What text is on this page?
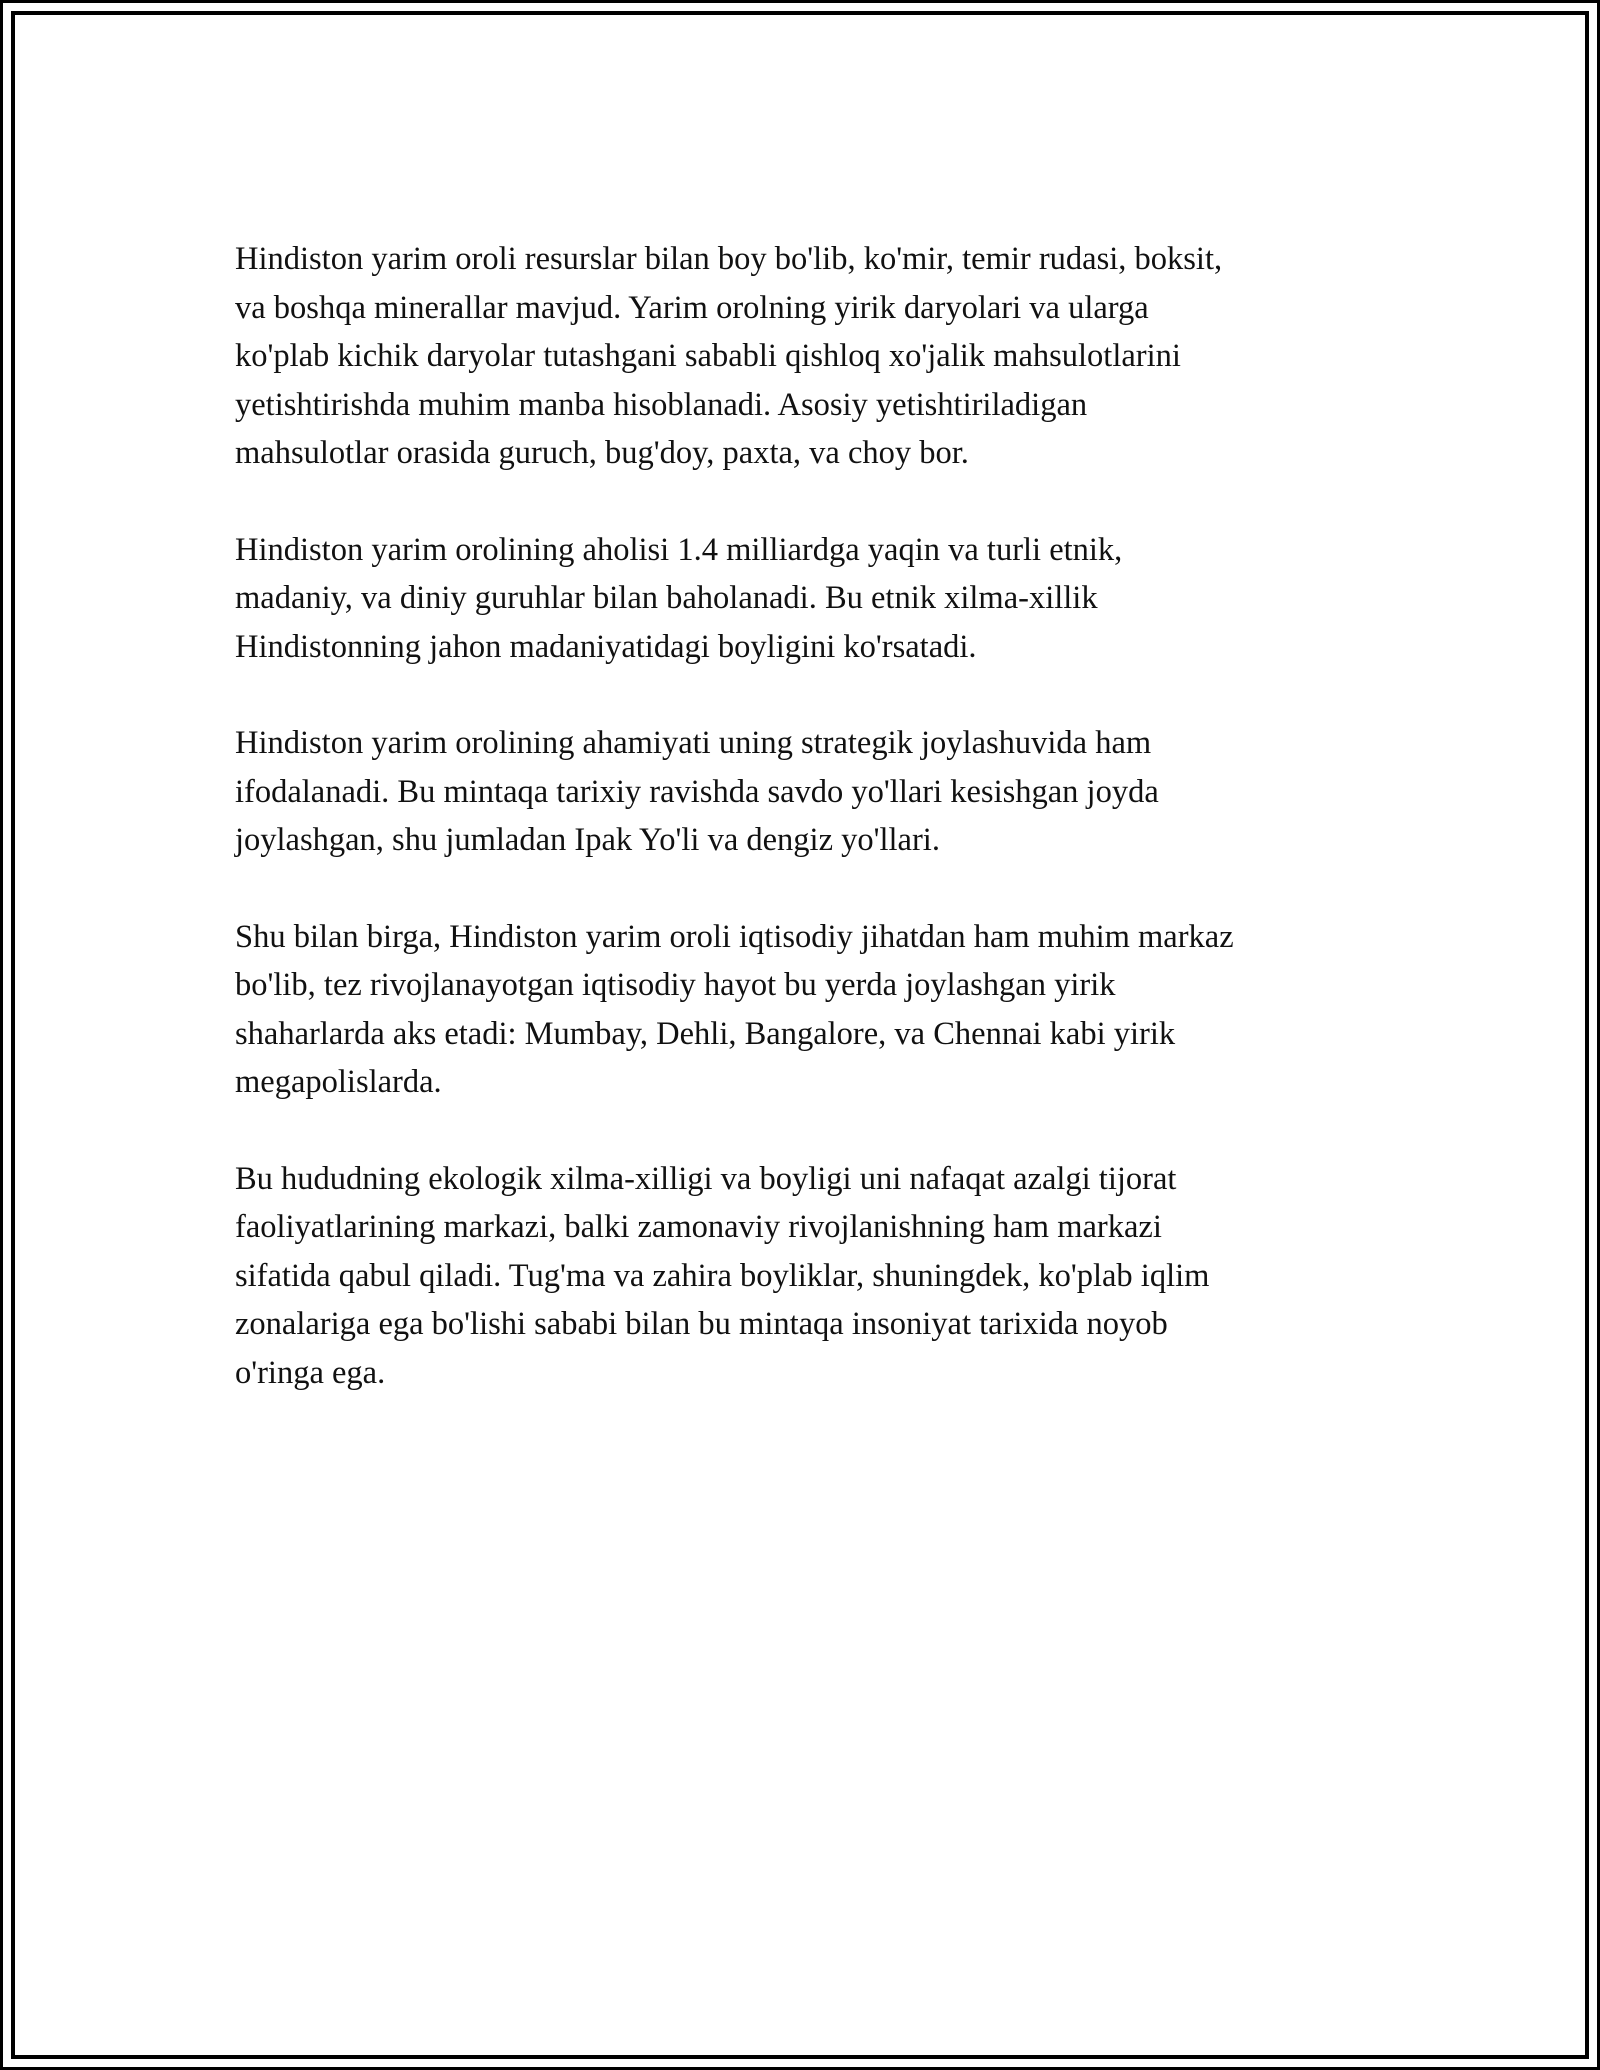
Hindiston yarim oroli resurslar bilan boy bo'lib, ko'mir, temir rudasi, boksit,
va boshqa minerallar mavjud. Yarim orolning yirik daryolari va ularga
ko'plab kichik daryolar tutashgani sababli qishloq xo'jalik mahsulotlarini
yetishtirishda muhim manba hisoblanadi. Asosiy yetishtiriladigan
mahsulotlar orasida guruch, bug'doy, paxta, va choy bor.

Hindiston yarim orolining aholisi 1.4 milliardga yaqin va turli etnik,
madaniy, va diniy guruhlar bilan baholanadi. Bu etnik xilma-xillik
Hindistonning jahon madaniyatidagi boyligini ko'rsatadi.

Hindiston yarim orolining ahamiyati uning strategik joylashuvida ham
ifodalanadi. Bu mintaqa tarixiy ravishda savdo yo'llari kesishgan joyda
joylashgan, shu jumladan Ipak Yo'li va dengiz yo'llari.

Shu bilan birga, Hindiston yarim oroli iqtisodiy jihatdan ham muhim markaz
bo'lib, tez rivojlanayotgan iqtisodiy hayot bu yerda joylashgan yirik
shaharlarda aks etadi: Mumbay, Dehli, Bangalore, va Chennai kabi yirik
megapolislarda.

Bu hududning ekologik xilma-xilligi va boyligi uni nafaqat azalgi tijorat
faoliyatlarining markazi, balki zamonaviy rivojlanishning ham markazi
sifatida qabul qiladi. Tug'ma va zahira boyliklar, shuningdek, ko'plab iqlim
zonalariga ega bo'lishi sababi bilan bu mintaqa insoniyat tarixida noyob
o'ringa ega.
